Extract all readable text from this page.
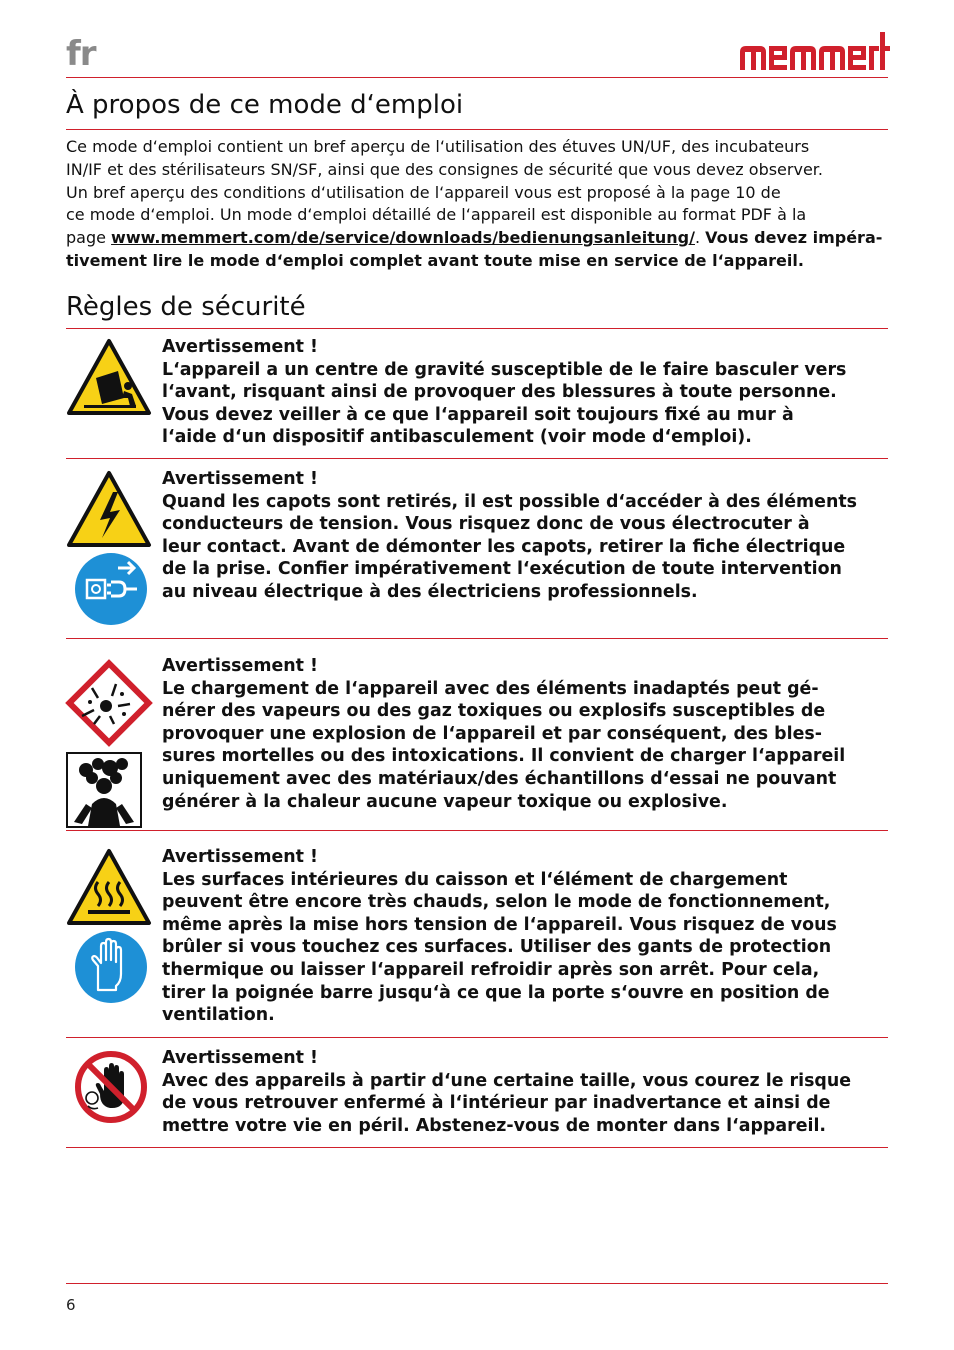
fr
À propos de ce mode d‘emploi
Ce mode d‘emploi contient un bref aperçu de l‘utilisation des étuves UN/UF, des incubateurs
IN/IF et des stérilisateurs SN/SF, ainsi que des consignes de sécurité que vous devez observer.
Un bref aperçu des conditions d‘utilisation de l‘appareil vous est proposé à la page 10 de
ce mode d‘emploi. Un mode d‘emploi détaillé de l‘appareil est disponible au format PDF à la
page www.memmert.com/de/service/downloads/bedienungsanleitung/. Vous devez impéra-
tivement lire le mode d‘emploi complet avant toute mise en service de l‘appareil.
Règles de sécurité
Avertissement !
L‘appareil a un centre de gravité susceptible de le faire basculer vers
l‘avant, risquant ainsi de provoquer des blessures à toute personne.
Vous devez veiller à ce que l‘appareil soit toujours fixé au mur à
l‘aide d‘un dispositif antibasculement (voir mode d‘emploi).
Avertissement !
Quand les capots sont retirés, il est possible d‘accéder à des éléments
conducteurs de tension. Vous risquez donc de vous électrocuter à
leur contact. Avant de démonter les capots, retirer la fiche électrique
de la prise. Confier impérativement l‘exécution de toute intervention
au niveau électrique à des électriciens professionnels.
Avertissement !
Le chargement de l‘appareil avec des éléments inadaptés peut gé-
nérer des vapeurs ou des gaz toxiques ou explosifs susceptibles de
provoquer une explosion de l‘appareil et par conséquent, des bles-
sures mortelles ou des intoxications. Il convient de charger l‘appareil
uniquement avec des matériaux/des échantillons d‘essai ne pouvant
générer à la chaleur aucune vapeur toxique ou explosive.
Avertissement !
Les surfaces intérieures du caisson et l‘élément de chargement
peuvent être encore très chauds, selon le mode de fonctionnement,
même après la mise hors tension de l‘appareil. Vous risquez de vous
brûler si vous touchez ces surfaces. Utiliser des gants de protection
thermique ou laisser l‘appareil refroidir après son arrêt. Pour cela,
tirer la poignée barre jusqu‘à ce que la porte s‘ouvre en position de
ventilation.
Avertissement !
Avec des appareils à partir d‘une certaine taille, vous courez le risque
de vous retrouver enfermé à l‘intérieur par inadvertance et ainsi de
mettre votre vie en péril. Abstenez-vous de monter dans l‘appareil.
6
